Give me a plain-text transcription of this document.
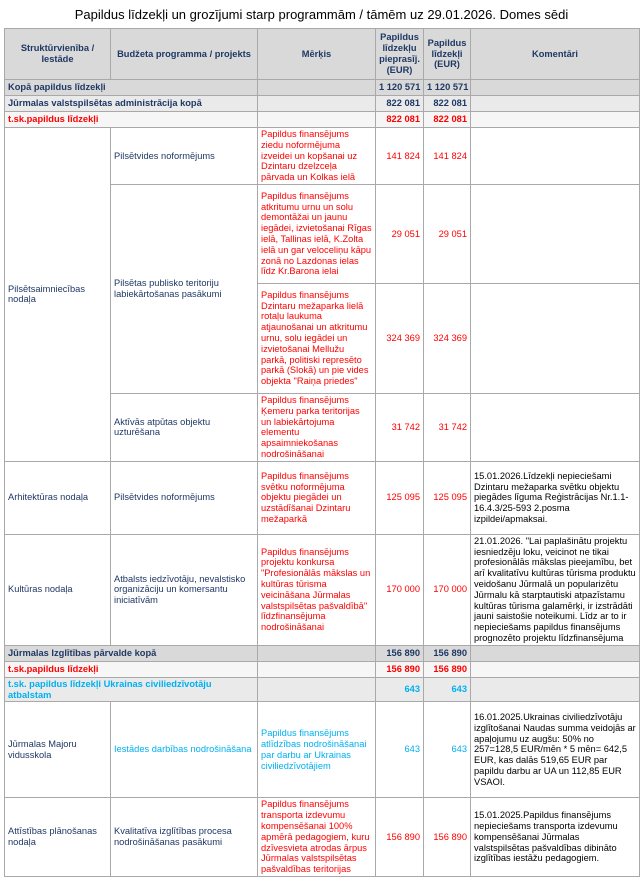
Papildus līdzekļi un grozījumi starp programmām / tāmēm uz 29.01.2026. Domes sēdi
Struktūrvienība / Iestāde	Budžeta programma / projekts	Mērķis	Papildus līdzekļu pieprasīj. (EUR)	Papildus līdzekļi (EUR)	Komentāri
Kopā papildus līdzekļi			1 120 571	1 120 571	
Jūrmalas valstspilsētas administrācija kopā			822 081	822 081	
t.sk.papildus līdzekļi			822 081	822 081	
Pilsētsaimniecības nodaļa	Pilsētvides noformējums	Papildus finansējums ziedu noformējuma izveidei un kopšanai uz Dzintaru dzelzceļa pārvada un Kolkas ielā	141 824	141 824	
	Pilsētas publisko teritoriju labiekārtošanas pasākumi	Papildus finansējums atkritumu urnu un solu demontāžai un jaunu iegādei, izvietošanai Rīgas ielā, Tallinas ielā, K.Zolta ielā un gar veloceliņu kāpu zonā no Lazdonas ielas līdz Kr.Barona ielai	29 051	29 051	
		Papildus finansējums Dzintaru mežaparka lielā rotaļu laukuma atjaunošanai un atkritumu urnu, solu iegādei un izvietošanai Mellužu parkā, politiski represēto parkā (Slokā) un pie vides objekta "Raiņa priedes"	324 369	324 369	
	Aktīvās atpūtas objektu uzturēšana	Papildus finansējums Ķemeru parka teritorijas un labiekārtojuma elementu apsaimniekošanas nodrošināšanai	31 742	31 742	
Arhitektūras nodaļa	Pilsētvides noformējums	Papildus finansējums svētku noformējuma objektu piegādei un uzstādīšanai Dzintaru mežaparkā	125 095	125 095	15.01.2026.Līdzekļi nepieciešami Dzintaru mežaparka svētku objektu piegādes līguma Reģistrācijas Nr.1.1-16.4.3/25-593 2.posma izpildei/apmaksai.
Kultūras nodaļa	Atbalsts iedzīvotāju, nevalstisko organizāciju un komersantu iniciatīvām	Papildus finansējums projektu konkursa "Profesionālās mākslas un kultūras tūrisma veicināšana Jūrmalas valstspilsētas pašvaldībā" līdzfinansējuma nodrošināšanai	170 000	170 000	21.01.2026. "Lai paplašinātu projektu iesniedzēju loku, veicinot ne tikai profesionālās mākslas pieejamību, bet arī kvalitatīvu kultūras tūrisma produktu veidošanu Jūrmalā un popularizētu Jūrmalu kā starptautiski atpazīstamu kultūras tūrisma galamērķi, ir izstrādāti jauni saistošie noteikumi. Līdz ar to ir nepieciešams papildus finansējums prognozēto projektu līdzfinansējuma
Jūrmalas Izglītības pārvalde kopā			156 890	156 890	
t.sk.papildus līdzekļi			156 890	156 890	
t.sk. papildus līdzekļi Ukrainas civiliedzīvotāju atbalstam			643	643	
Jūrmalas Majoru vidusskola	Iestādes darbības nodrošināšana	Papildus finansējums atlīdzības nodrošināšanai par darbu ar Ukrainas civiliedzīvotājiem	643	643	16.01.2025.Ukrainas civiliedzīvotāju izglītošanai Naudas summa veidojās ar apaļojumu uz augšu: 50% no 257=128,5 EUR/mēn * 5 mēn= 642,5 EUR, kas dalās 519,65 EUR par papildu darbu ar UA un 112,85 EUR VSAOI.
Attīstības plānošanas nodaļa	Kvalitatīva izglītības procesa nodrošināšanas pasākumi	Papildus finansējums transporta izdevumu kompensēšanai 100% apmērā pedagogiem, kuru dzīvesvieta atrodas ārpus Jūrmalas valstspilsētas pašvaldības teritorijas	156 890	156 890	15.01.2025.Papildus finansējums nepieciešams transporta izdevumu kompensēšanai Jūrmalas valstspilsētas pašvaldības dibināto izglītības iestāžu pedagogiem.
